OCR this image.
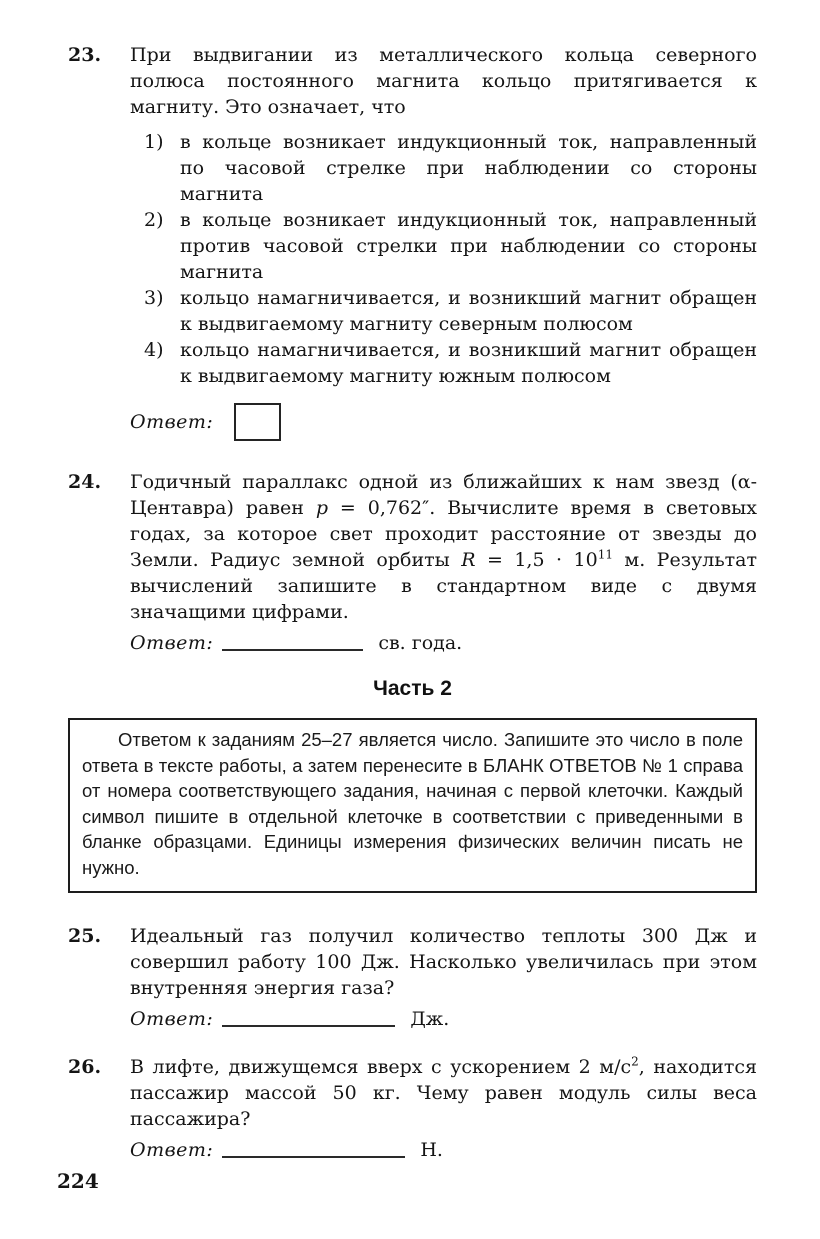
23.	При выдвигании из металлического кольца северного полюса постоянного магнита кольцо притягивается к магниту. Это означает, что

1) в кольце возникает индукционный ток, направленный по часовой стрелке при наблюдении со стороны магнита
2) в кольце возникает индукционный ток, направленный против часовой стрелки при наблюдении со стороны магнита
3) кольцо намагничивается, и возникший магнит обращен к выдвигаемому магниту северным полюсом
4) кольцо намагничивается, и возникший магнит обращен к выдвигаемому магниту южным полюсом
Ответ:
24.	Годичный параллакс одной из ближайших к нам звезд (α-Центавра) равен p = 0,762″. Вычислите время в световых годах, за которое свет проходит расстояние от звезды до Земли. Радиус земной орбиты $R = 1,5 \cdot 10^{11}$ м. Результат вычислений запишите в стандартном виде с двумя значащими цифрами.

Ответ:	св. года.
Часть 2

Ответом к заданиям 25–27 является число. Запишите это число в поле ответа в тексте работы, а затем перенесите в БЛАНК ОТВЕТОВ № 1 справа от номера соответствующего задания, начиная с первой клеточки. Каждый символ пишите в отдельной клеточке в соответствии с приведенными в бланке образцами. Единицы измерения физических величин писать не нужно.

25.	Идеальный газ получил количество теплоты 300 Дж и совершил работу 100 Дж. Насколько увеличилась при этом внутренняя энергия газа?

Ответ:	Дж.
26.	В лифте, движущемся вверх с ускорением 2 $м/с^2$, находится пассажир массой 50 кг. Чему равен модуль силы веса пассажира?

Ответ:	Н.
224
